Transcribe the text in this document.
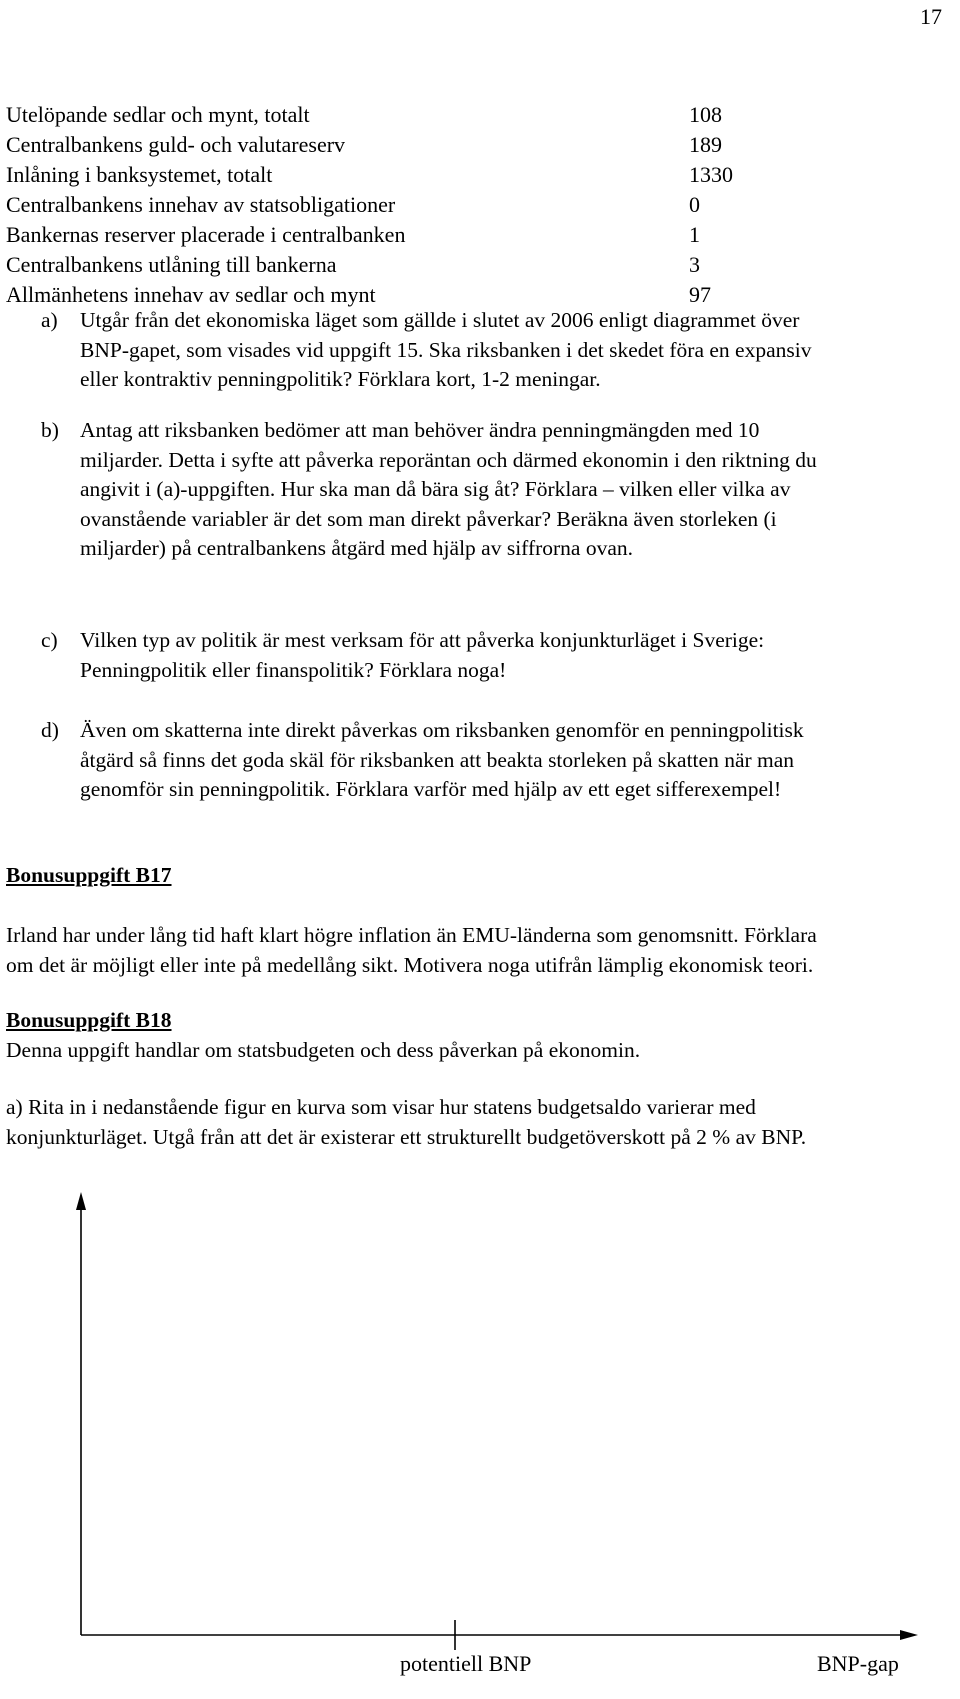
17
Utelöpande sedlar och mynt, totalt	108
Centralbankens guld- och valutareserv	189
Inlåning i banksystemet, totalt	1330
Centralbankens innehav av statsobligationer	0
Bankernas reserver placerade i centralbanken	1
Centralbankens utlåning till bankerna	3
Allmänhetens innehav av sedlar och mynt	97
a) Utgår från det ekonomiska läget som gällde i slutet av 2006 enligt diagrammet över
BNP-gapet, som visades vid uppgift 15. Ska riksbanken i det skedet föra en expansiv
eller kontraktiv penningpolitik? Förklara kort, 1-2 meningar.
b) Antag att riksbanken bedömer att man behöver ändra penningmängden med 10
miljarder. Detta i syfte att påverka reporäntan och därmed ekonomin i den riktning du
angivit i (a)-uppgiften. Hur ska man då bära sig åt? Förklara – vilken eller vilka av
ovanstående variabler är det som man direkt påverkar? Beräkna även storleken (i
miljarder) på centralbankens åtgärd med hjälp av siffrorna ovan.
c) Vilken typ av politik är mest verksam för att påverka konjunkturläget i Sverige:
Penningpolitik eller finanspolitik? Förklara noga!
d) Även om skatterna inte direkt påverkas om riksbanken genomför en penningpolitisk
åtgärd så finns det goda skäl för riksbanken att beakta storleken på skatten när man
genomför sin penningpolitik. Förklara varför med hjälp av ett eget sifferexempel!
Bonusuppgift B17

Irland har under lång tid haft klart högre inflation än EMU-länderna som genomsnitt. Förklara
om det är möjligt eller inte på medellång sikt. Motivera noga utifrån lämplig ekonomisk teori.
Bonusuppgift B18
Denna uppgift handlar om statsbudgeten och dess påverkan på ekonomin.
a) Rita in i nedanstående figur en kurva som visar hur statens budgetsaldo varierar med
konjunkturläget. Utgå från att det är existerar ett strukturellt budgetöverskott på 2 % av BNP.
potentiell BNP	BNP-gap
